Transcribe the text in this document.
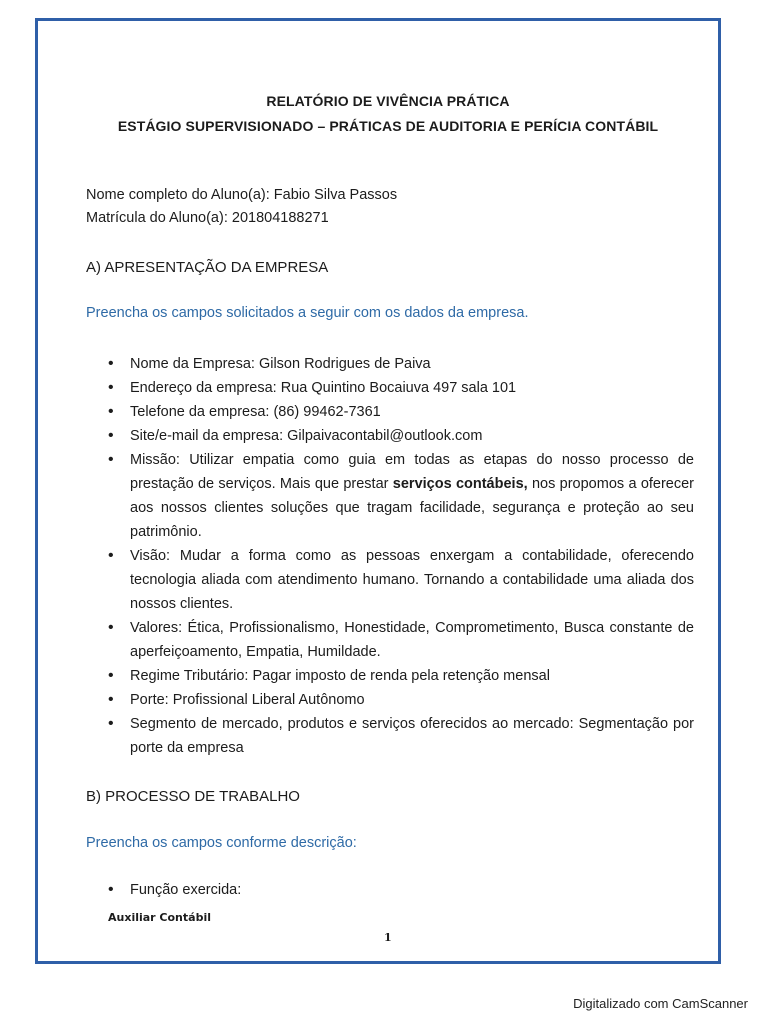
RELATÓRIO DE VIVÊNCIA PRÁTICA
ESTÁGIO SUPERVISIONADO – PRÁTICAS DE AUDITORIA E PERÍCIA CONTÁBIL
Nome completo do Aluno(a): Fabio Silva Passos
Matrícula do Aluno(a): 201804188271
A) APRESENTAÇÃO DA EMPRESA
Preencha os campos solicitados a seguir com os dados da empresa.
• Nome da Empresa: Gilson Rodrigues de Paiva
• Endereço da empresa: Rua Quintino Bocaiuva 497 sala 101
• Telefone da empresa: (86) 99462-7361
• Site/e-mail da empresa: Gilpaivacontabil@outlook.com
• Missão: Utilizar empatia como guia em todas as etapas do nosso processo de prestação de serviços. Mais que prestar serviços contábeis, nos propomos a oferecer aos nossos clientes soluções que tragam facilidade, segurança e proteção ao seu patrimônio.
• Visão: Mudar a forma como as pessoas enxergam a contabilidade, oferecendo tecnologia aliada com atendimento humano. Tornando a contabilidade uma aliada dos nossos clientes.
• Valores: Ética, Profissionalismo, Honestidade, Comprometimento, Busca constante de aperfeiçoamento, Empatia, Humildade.
• Regime Tributário: Pagar imposto de renda pela retenção mensal
• Porte: Profissional Liberal Autônomo
• Segmento de mercado, produtos e serviços oferecidos ao mercado: Segmentação por porte da empresa
B) PROCESSO DE TRABALHO
Preencha os campos conforme descrição:
• Função exercida:
Auxiliar Contábil
1
Digitalizado com CamScanner
